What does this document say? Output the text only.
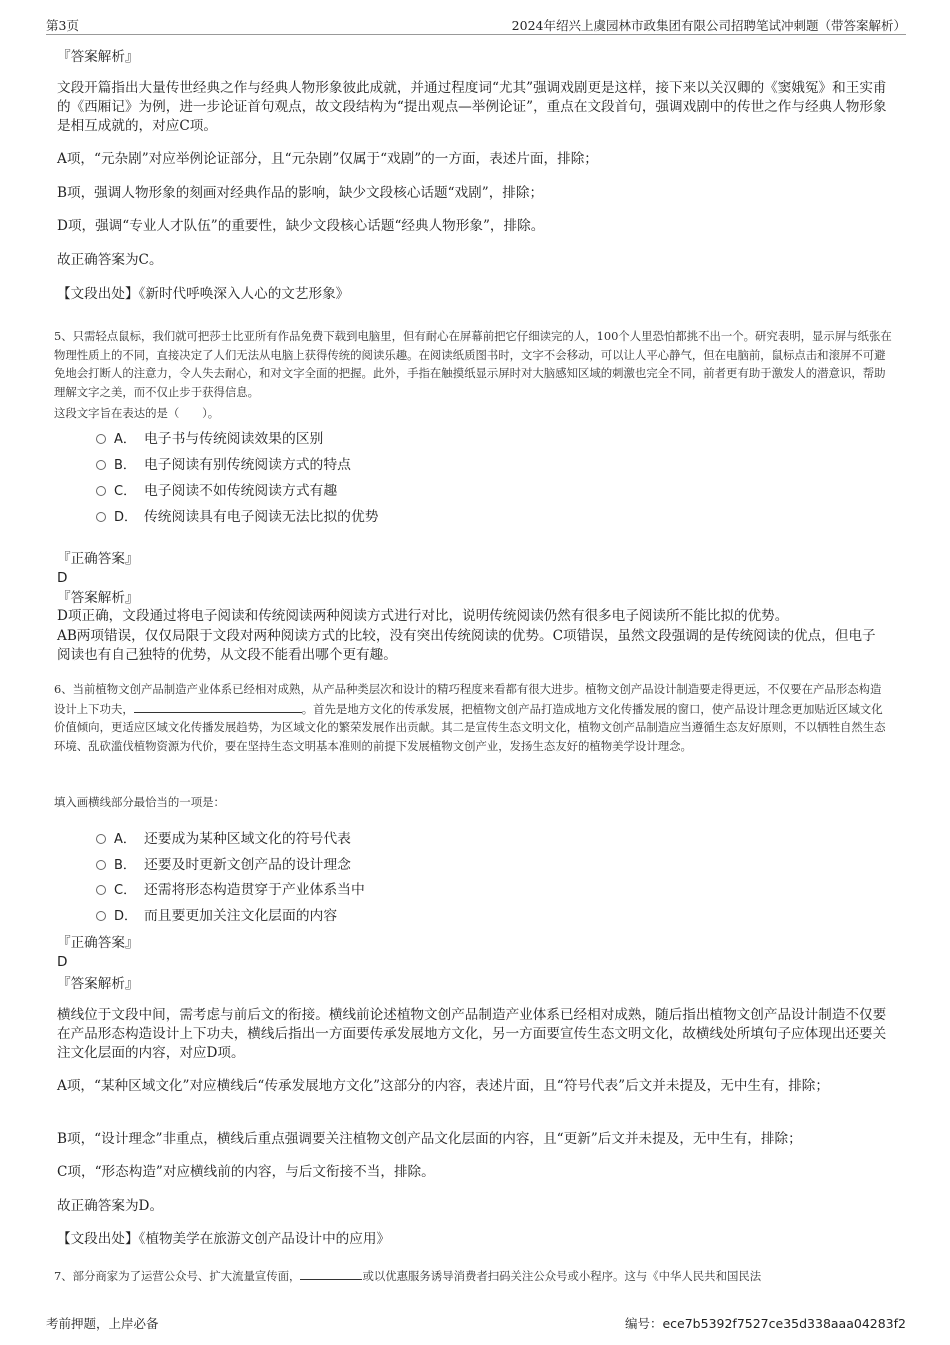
第3页	2024年绍兴上虞园林市政集团有限公司招聘笔试冲刺题（带答案解析）
『答案解析』
文段开篇指出大量传世经典之作与经典人物形象彼此成就，并通过程度词“尤其”强调戏剧更是这样，接下来以关汉卿的《窦娥冤》和王实甫的《西厢记》为例，进一步论证首句观点，故文段结构为“提出观点—举例论证”，重点在文段首句，强调戏剧中的传世之作与经典人物形象是相互成就的，对应C项。
A项，“元杂剧”对应举例论证部分，且“元杂剧”仅属于“戏剧”的一方面，表述片面，排除；
B项，强调人物形象的刻画对经典作品的影响，缺少文段核心话题“戏剧”，排除；
D项，强调“专业人才队伍”的重要性，缺少文段核心话题“经典人物形象”，排除。
故正确答案为C。
【文段出处】《新时代呼唤深入人心的文艺形象》
5、只需轻点鼠标，我们就可把莎士比亚所有作品免费下载到电脑里，但有耐心在屏幕前把它仔细读完的人，100个人里恐怕都挑不出一个。研究表明，显示屏与纸张在物理性质上的不同，直接决定了人们无法从电脑上获得传统的阅读乐趣。在阅读纸质图书时，文字不会移动，可以让人平心静气，但在电脑前，鼠标点击和滚屏不可避免地会打断人的注意力，令人失去耐心，和对文字全面的把握。此外，手指在触摸纸显示屏时对大脑感知区域的刺激也完全不同，前者更有助于激发人的潜意识，帮助理解文字之美，而不仅止步于获得信息。
这段文字旨在表达的是（　　）。
A． 电子书与传统阅读效果的区别
B． 电子阅读有别传统阅读方式的特点
C． 电子阅读不如传统阅读方式有趣
D． 传统阅读具有电子阅读无法比拟的优势
『正确答案』
D
『答案解析』
D项正确，文段通过将电子阅读和传统阅读两种阅读方式进行对比，说明传统阅读仍然有很多电子阅读所不能比拟的优势。
AB两项错误，仅仅局限于文段对两种阅读方式的比较，没有突出传统阅读的优势。C项错误，虽然文段强调的是传统阅读的优点，但电子阅读也有自己独特的优势，从文段不能看出哪个更有趣。
6、当前植物文创产品制造产业体系已经相对成熟，从产品种类层次和设计的精巧程度来看都有很大进步。植物文创产品设计制造要走得更远，不仅要在产品形态构造设计上下功夫，	。首先是地方文化的传承发展，把植物文创产品打造成地方文化传播发展的窗口，使产品设计理念更加贴近区域文化价值倾向，更适应区域文化传播发展趋势，为区域文化的繁荣发展作出贡献。其二是宣传生态文明文化，植物文创产品制造应当遵循生态友好原则，不以牺牲自然生态环境、乱砍滥伐植物资源为代价，要在坚持生态文明基本准则的前提下发展植物文创产业，发扬生态友好的植物美学设计理念。
填入画横线部分最恰当的一项是：
A． 还要成为某种区域文化的符号代表
B． 还要及时更新文创产品的设计理念
C． 还需将形态构造贯穿于产业体系当中
D． 而且要更加关注文化层面的内容
『正确答案』
D
『答案解析』
横线位于文段中间，需考虑与前后文的衔接。横线前论述植物文创产品制造产业体系已经相对成熟，随后指出植物文创产品设计制造不仅要在产品形态构造设计上下功夫，横线后指出一方面要传承发展地方文化，另一方面要宣传生态文明文化，故横线处所填句子应体现出还要关注文化层面的内容，对应D项。
A项，“某种区域文化”对应横线后“传承发展地方文化”这部分的内容，表述片面，且“符号代表”后文并未提及，无中生有，排除；
B项，“设计理念”非重点，横线后重点强调要关注植物文创产品文化层面的内容，且“更新”后文并未提及，无中生有，排除；
C项，“形态构造”对应横线前的内容，与后文衔接不当，排除。
故正确答案为D。
【文段出处】《植物美学在旅游文创产品设计中的应用》
7、部分商家为了运营公众号、扩大流量宣传面，	或以优惠服务诱导消费者扫码关注公众号或小程序。这与《中华人民共和国民法
考前押题，上岸必备	编号：ece7b5392f7527ce35d338aaa04283f2
